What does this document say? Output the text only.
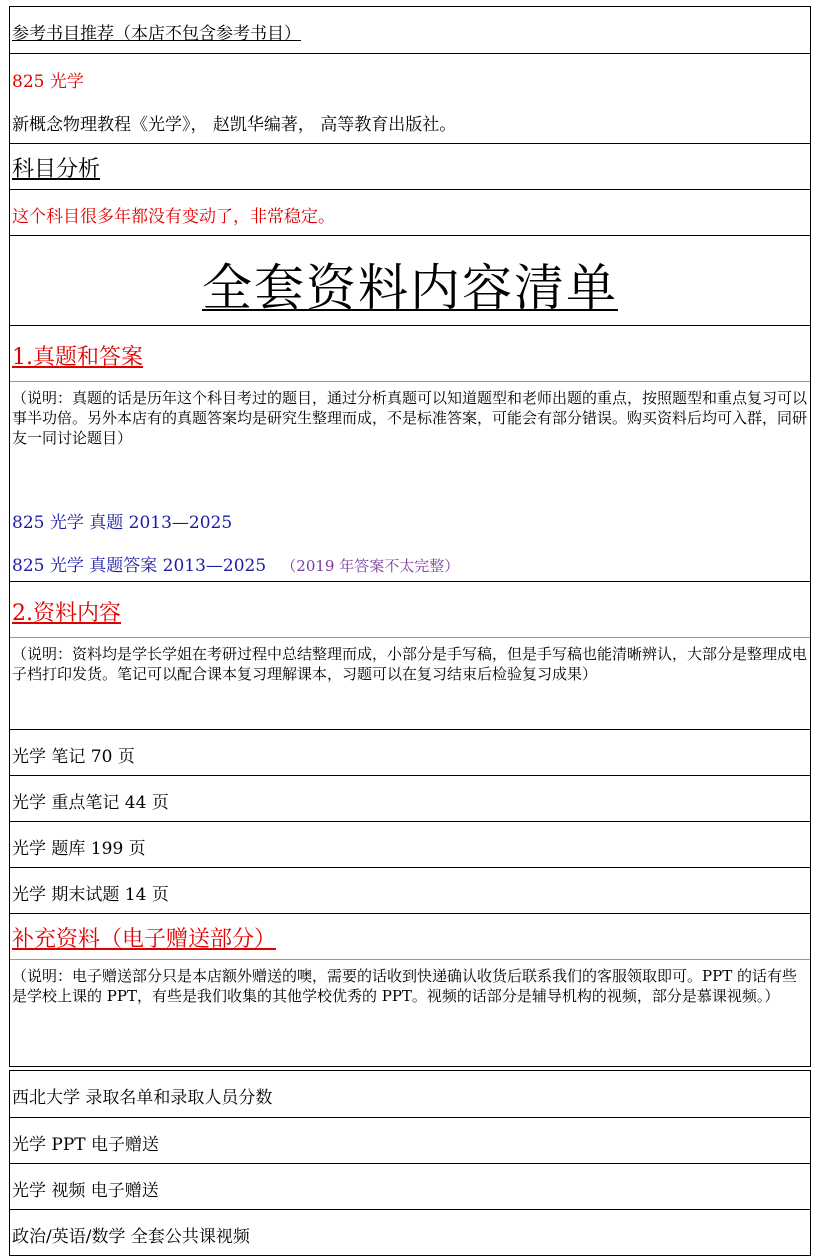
参考书目推荐（本店不包含参考书目）
825 光学
新概念物理教程《光学》， 赵凯华编著， 高等教育出版社。
科目分析
这个科目很多年都没有变动了，非常稳定。
全套资料内容清单
1.真题和答案
（说明：真题的话是历年这个科目考过的题目，通过分析真题可以知道题型和老师出题的重点，按照题型和重点复习可以事半功倍。另外本店有的真题答案均是研究生整理而成，不是标准答案，可能会有部分错误。购买资料后均可入群，同研友一同讨论题目）
825 光学 真题 2013—2025
825 光学 真题答案 2013—2025 （2019 年答案不太完整）
2.资料内容
（说明：资料均是学长学姐在考研过程中总结整理而成，小部分是手写稿，但是手写稿也能清晰辨认，大部分是整理成电子档打印发货。笔记可以配合课本复习理解课本，习题可以在复习结束后检验复习成果）
光学 笔记 70 页
光学 重点笔记 44 页
光学 题库 199 页
光学 期末试题 14 页
补充资料（电子赠送部分）
（说明：电子赠送部分只是本店额外赠送的噢，需要的话收到快递确认收货后联系我们的客服领取即可。PPT 的话有些是学校上课的 PPT，有些是我们收集的其他学校优秀的 PPT。视频的话部分是辅导机构的视频，部分是慕课视频。）
西北大学 录取名单和录取人员分数
光学 PPT 电子赠送
光学 视频 电子赠送
政治/英语/数学 全套公共课视频
